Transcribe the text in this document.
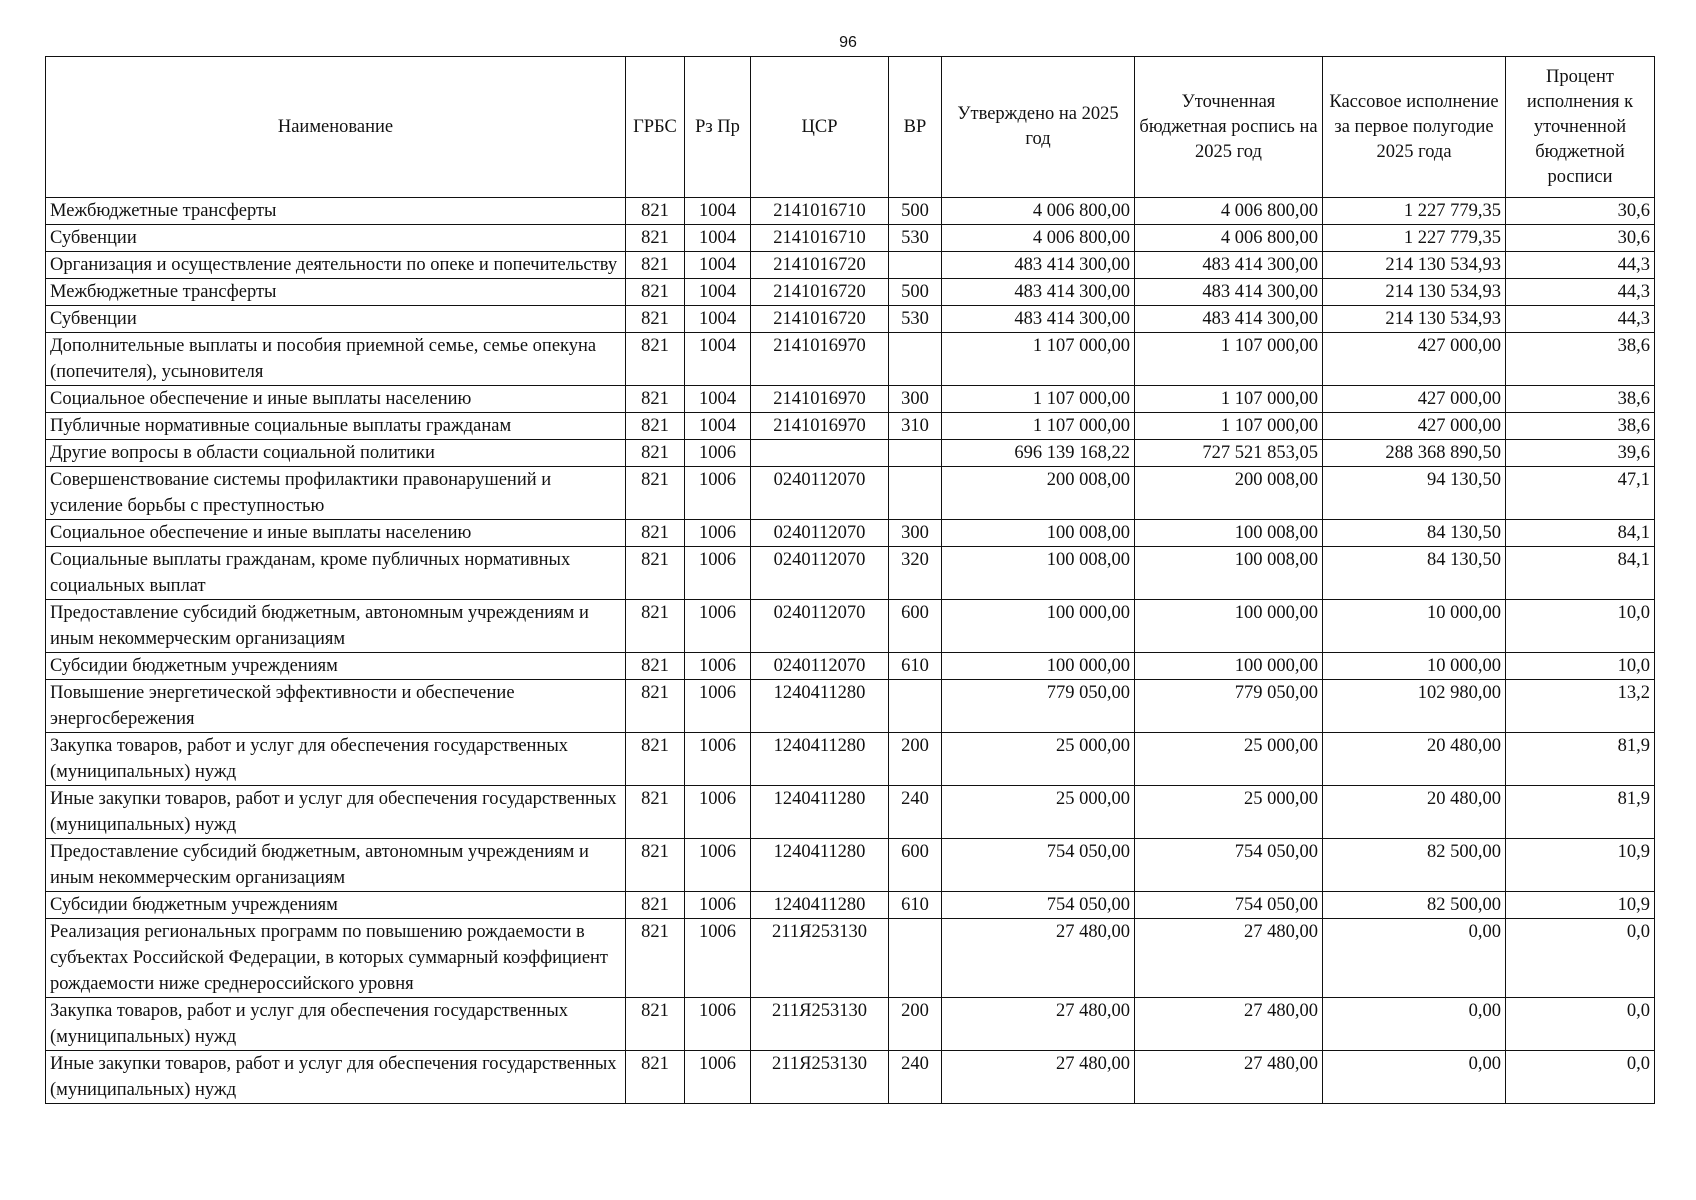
96
Наименование	ГРБС	Рз Пр	ЦСР	ВР	Утверждено на 2025 год	Уточненная бюджетная роспись на 2025 год	Кассовое исполнение за первое полугодие 2025 года	Процент исполнения к уточненной бюджетной росписи
Межбюджетные трансферты	821	1004	2141016710	500	4 006 800,00	4 006 800,00	1 227 779,35	30,6
Субвенции	821	1004	2141016710	530	4 006 800,00	4 006 800,00	1 227 779,35	30,6
Организация и осуществление деятельности по опеке и попечительству	821	1004	2141016720		483 414 300,00	483 414 300,00	214 130 534,93	44,3
Межбюджетные трансферты	821	1004	2141016720	500	483 414 300,00	483 414 300,00	214 130 534,93	44,3
Субвенции	821	1004	2141016720	530	483 414 300,00	483 414 300,00	214 130 534,93	44,3
Дополнительные выплаты и пособия приемной семье, семье опекуна (попечителя), усыновителя	821	1004	2141016970		1 107 000,00	1 107 000,00	427 000,00	38,6
Социальное обеспечение и иные выплаты населению	821	1004	2141016970	300	1 107 000,00	1 107 000,00	427 000,00	38,6
Публичные нормативные социальные выплаты гражданам	821	1004	2141016970	310	1 107 000,00	1 107 000,00	427 000,00	38,6
Другие вопросы в области социальной политики	821	1006			696 139 168,22	727 521 853,05	288 368 890,50	39,6
Совершенствование системы профилактики правонарушений и усиление борьбы с преступностью	821	1006	0240112070		200 008,00	200 008,00	94 130,50	47,1
Социальное обеспечение и иные выплаты населению	821	1006	0240112070	300	100 008,00	100 008,00	84 130,50	84,1
Социальные выплаты гражданам, кроме публичных нормативных социальных выплат	821	1006	0240112070	320	100 008,00	100 008,00	84 130,50	84,1
Предоставление субсидий бюджетным, автономным учреждениям и иным некоммерческим организациям	821	1006	0240112070	600	100 000,00	100 000,00	10 000,00	10,0
Субсидии бюджетным учреждениям	821	1006	0240112070	610	100 000,00	100 000,00	10 000,00	10,0
Повышение энергетической эффективности и обеспечение энергосбережения	821	1006	1240411280		779 050,00	779 050,00	102 980,00	13,2
Закупка товаров, работ и услуг для обеспечения государственных (муниципальных) нужд	821	1006	1240411280	200	25 000,00	25 000,00	20 480,00	81,9
Иные закупки товаров, работ и услуг для обеспечения государственных (муниципальных) нужд	821	1006	1240411280	240	25 000,00	25 000,00	20 480,00	81,9
Предоставление субсидий бюджетным, автономным учреждениям и иным некоммерческим организациям	821	1006	1240411280	600	754 050,00	754 050,00	82 500,00	10,9
Субсидии бюджетным учреждениям	821	1006	1240411280	610	754 050,00	754 050,00	82 500,00	10,9
Реализация региональных программ по повышению рождаемости в субъектах Российской Федерации, в которых суммарный коэффициент рождаемости ниже среднероссийского уровня	821	1006	211Я253130		27 480,00	27 480,00	0,00	0,0
Закупка товаров, работ и услуг для обеспечения государственных (муниципальных) нужд	821	1006	211Я253130	200	27 480,00	27 480,00	0,00	0,0
Иные закупки товаров, работ и услуг для обеспечения государственных (муниципальных) нужд	821	1006	211Я253130	240	27 480,00	27 480,00	0,00	0,0
